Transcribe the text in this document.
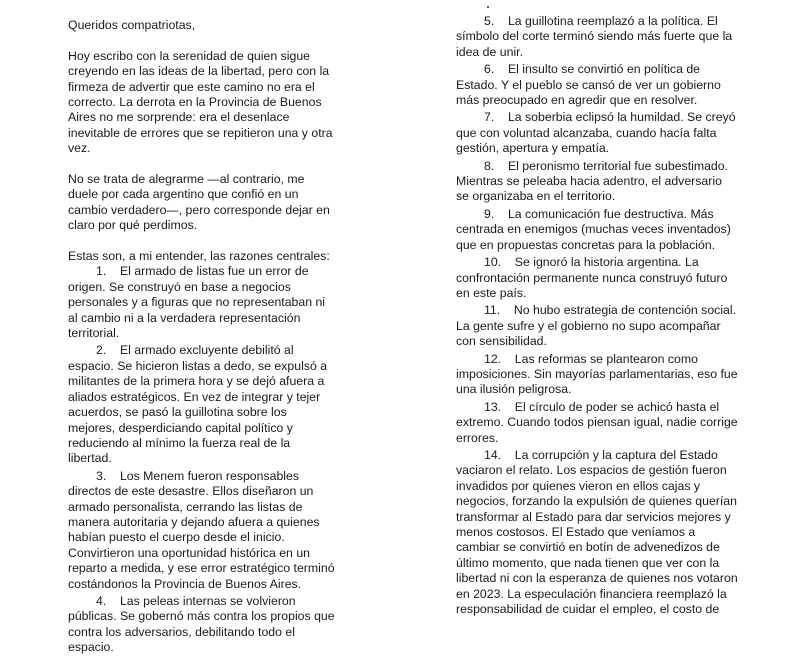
Queridos compatriotas,

Hoy escribo con la serenidad de quien sigue creyendo en las ideas de la libertad, pero con la firmeza de advertir que este camino no era el correcto. La derrota en la Provincia de Buenos Aires no me sorprende: era el desenlace inevitable de errores que se repitieron una y otra vez.

No se trata de alegrarme —al contrario, me duele por cada argentino que confió en un cambio verdadero—, pero corresponde dejar en claro por qué perdimos.

Estas son, a mi entender, las razones centrales:

1. El armado de listas fue un error de origen. Se construyó en base a negocios personales y a figuras que no representaban ni al cambio ni a la verdadera representación territorial.

2. El armado excluyente debilitó al espacio. Se hicieron listas a dedo, se expulsó a militantes de la primera hora y se dejó afuera a aliados estratégicos. En vez de integrar y tejer acuerdos, se pasó la guillotina sobre los mejores, desperdiciando capital político y reduciendo al mínimo la fuerza real de la libertad.

3. Los Menem fueron responsables directos de este desastre. Ellos diseñaron un armado personalista, cerrando las listas de manera autoritaria y dejando afuera a quienes habían puesto el cuerpo desde el inicio. Convirtieron una oportunidad histórica en un reparto a medida, y ese error estratégico terminó costándonos la Provincia de Buenos Aires.

4. Las peleas internas se volvieron públicas. Se gobernó más contra los propios que contra los adversarios, debilitando todo el espacio.

5. La guillotina reemplazó a la política. El símbolo del corte terminó siendo más fuerte que la idea de unir.

6. El insulto se convirtió en política de Estado. Y el pueblo se cansó de ver un gobierno más preocupado en agredir que en resolver.

7. La soberbia eclipsó la humildad. Se creyó que con voluntad alcanzaba, cuando hacía falta gestión, apertura y empatía.

8. El peronismo territorial fue subestimado. Mientras se peleaba hacia adentro, el adversario se organizaba en el territorio.

9. La comunicación fue destructiva. Más centrada en enemigos (muchas veces inventados) que en propuestas concretas para la población.

10. Se ignoró la historia argentina. La confrontación permanente nunca construyó futuro en este país.

11. No hubo estrategia de contención social. La gente sufre y el gobierno no supo acompañar con sensibilidad.

12. Las reformas se plantearon como imposiciones. Sin mayorías parlamentarias, eso fue una ilusión peligrosa.

13. El círculo de poder se achicó hasta el extremo. Cuando todos piensan igual, nadie corrige errores.

14. La corrupción y la captura del Estado vaciaron el relato. Los espacios de gestión fueron invadidos por quienes vieron en ellos cajas y negocios, forzando la expulsión de quienes querían transformar al Estado para dar servicios mejores y menos costosos. El Estado que veníamos a cambiar se convirtió en botín de advenedizos de último momento, que nada tienen que ver con la libertad ni con la esperanza de quienes nos votaron en 2023. La especulación financiera reemplazó la responsabilidad de cuidar el empleo, el costo de
